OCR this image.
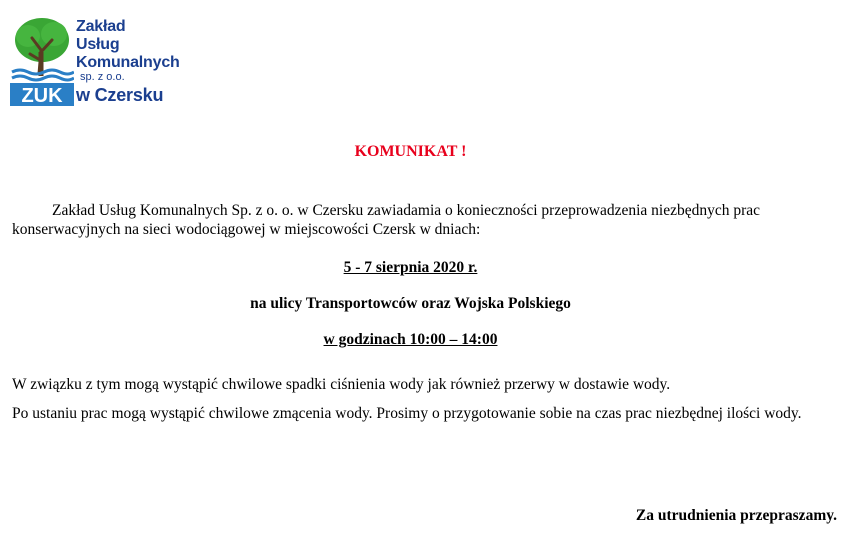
ZUK
Zakład
Usług
Komunalnych
sp. z o.o.
w Czersku
KOMUNIKAT !

Zakład Usług Komunalnych Sp. z o. o. w Czersku zawiadamia o konieczności przeprowadzenia niezbędnych prac konserwacyjnych na sieci wodociągowej w miejscowości Czersk w dniach:

5 - 7 sierpnia 2020 r.
na ulicy Transportowców oraz Wojska Polskiego
w godzinach 10:00 – 14:00

W związku z tym mogą wystąpić chwilowe spadki ciśnienia wody jak również przerwy w dostawie wody.

Po ustaniu prac mogą wystąpić chwilowe zmącenia wody. Prosimy o przygotowanie sobie na czas prac niezbędnej ilości wody.

Za utrudnienia przepraszamy.
